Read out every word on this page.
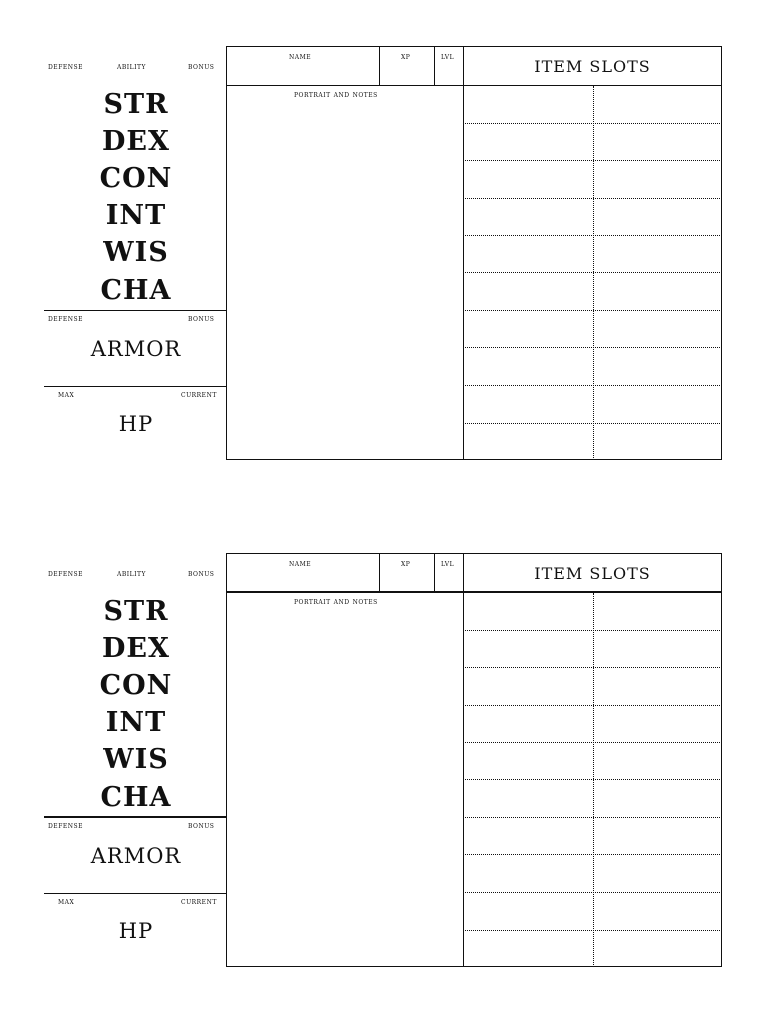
defense	ability	bonus
STR
DEX
CON
INT
WIS
CHA
defense	bonus
ARMOR
max	current
HP
name	xp	lvl	ITEM SLOTS
portrait and notes
defense	ability	bonus
STR
DEX
CON
INT
WIS
CHA
defense	bonus
ARMOR
max	current
HP
name	xp	lvl	ITEM SLOTS
portrait and notes
